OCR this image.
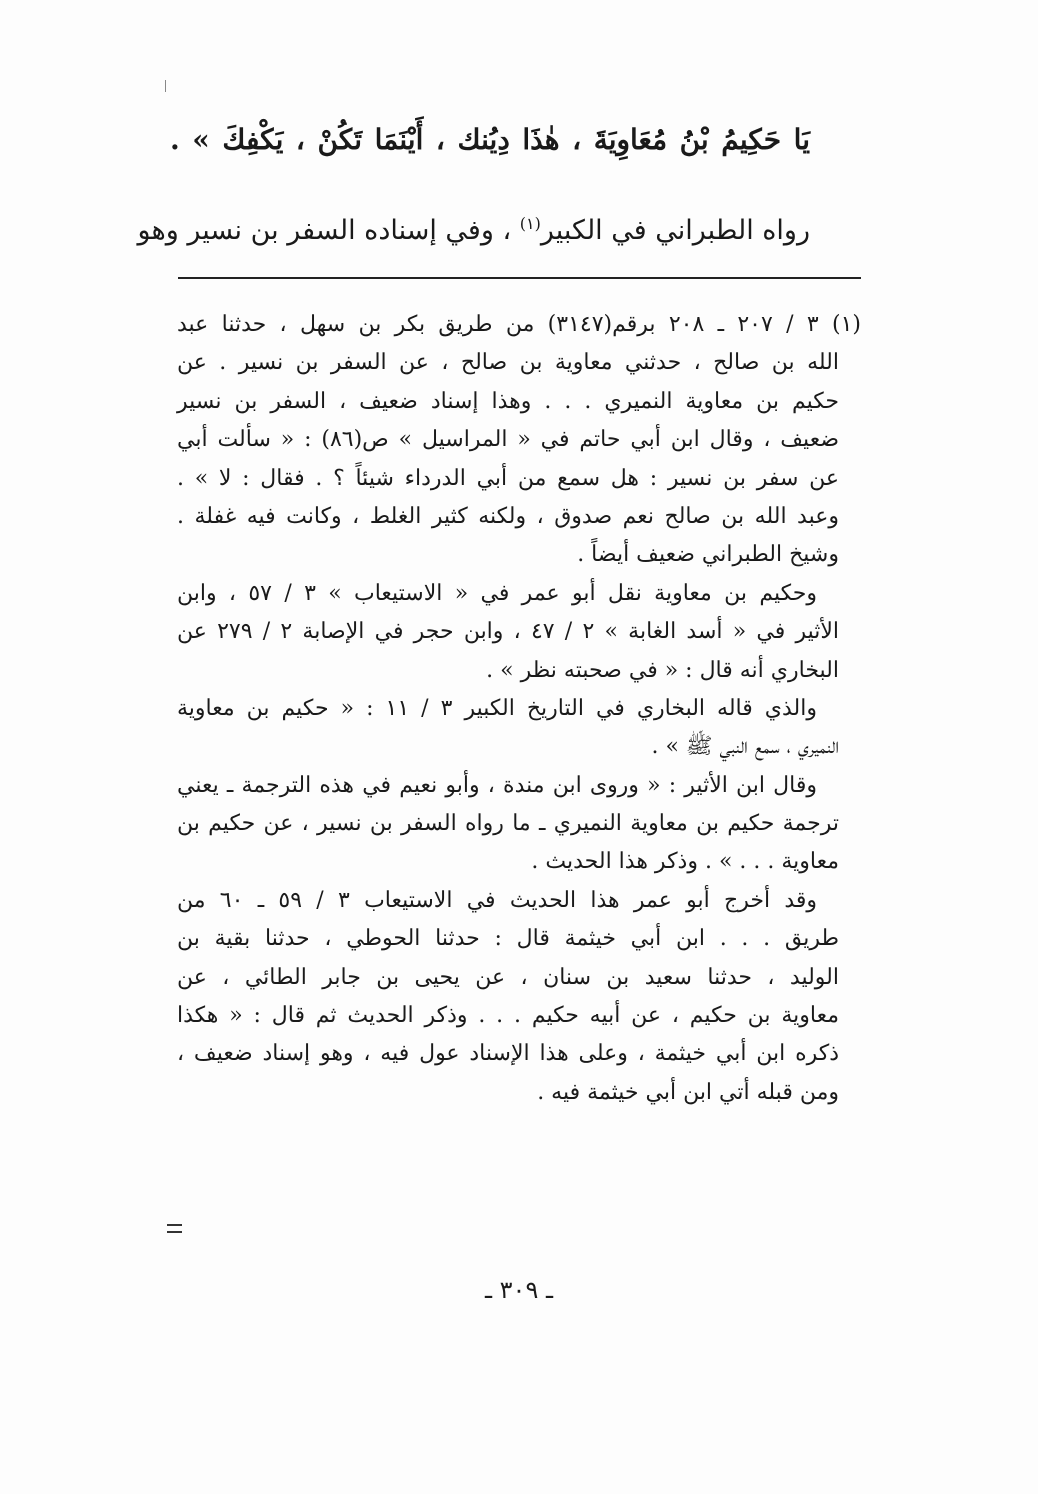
يَا حَكِيمُ بْنُ مُعَاوِيَةَ ، هٰذَا دِيُنك ، أَيْنَمَا تَكُنْ ، يَكْفِكَ » .
رواه الطبراني في الكبير$^{(١)}$ ، وفي إسناده السفر بن نسير وهو
(١) ٣ / ٢٠٧ ـ ٢٠٨ برقم(٣١٤٧) من طريق بكر بن سهل ، حدثنا عبد
الله بن صالح ، حدثني معاوية بن صالح ، عن السفر بن نسير . عن
حكيم بن معاوية النميري . . . وهذا إسناد ضعيف ، السفر بن نسير
ضعيف ، وقال ابن أبي حاتم في « المراسيل » ص(٨٦) : « سألت أبي
عن سفر بن نسير : هل سمع من أبي الدرداء شيئاً ؟ . فقال : لا » .
وعبد الله بن صالح نعم صدوق ، ولكنه كثير الغلط ، وكانت فيه غفلة .
وشيخ الطبراني ضعيف أيضاً .
وحكيم بن معاوية نقل أبو عمر في « الاستيعاب » ٣ / ٥٧ ، وابن
الأثير في « أسد الغابة » ٢ / ٤٧ ، وابن حجر في الإصابة ٢ / ٢٧٩ عن
البخاري أنه قال : « في صحبته نظر » .
والذي قاله البخاري في التاريخ الكبير ٣ / ١١ : « حكيم بن معاوية
النميري ، سمع النبي ﷺ » .
وقال ابن الأثير : « وروى ابن مندة ، وأبو نعيم في هذه الترجمة ـ يعني
ترجمة حكيم بن معاوية النميري ـ ما رواه السفر بن نسير ، عن حكيم بن
معاوية . . . » . وذكر هذا الحديث .
وقد أخرج أبو عمر هذا الحديث في الاستيعاب ٣ / ٥٩ ـ ٦٠ من
طريق . . . ابن أبي خيثمة قال : حدثنا الحوطي ، حدثنا بقية بن
الوليد ، حدثنا سعيد بن سنان ، عن يحيى بن جابر الطائي ، عن
معاوية بن حكيم ، عن أبيه حكيم . . . وذكر الحديث ثم قال : « هكذا
ذكره ابن أبي خيثمة ، وعلى هذا الإسناد عول فيه ، وهو إسناد ضعيف ،
ومن قبله أتي ابن أبي خيثمة فيه .
ـ ٣٠٩ ـ
